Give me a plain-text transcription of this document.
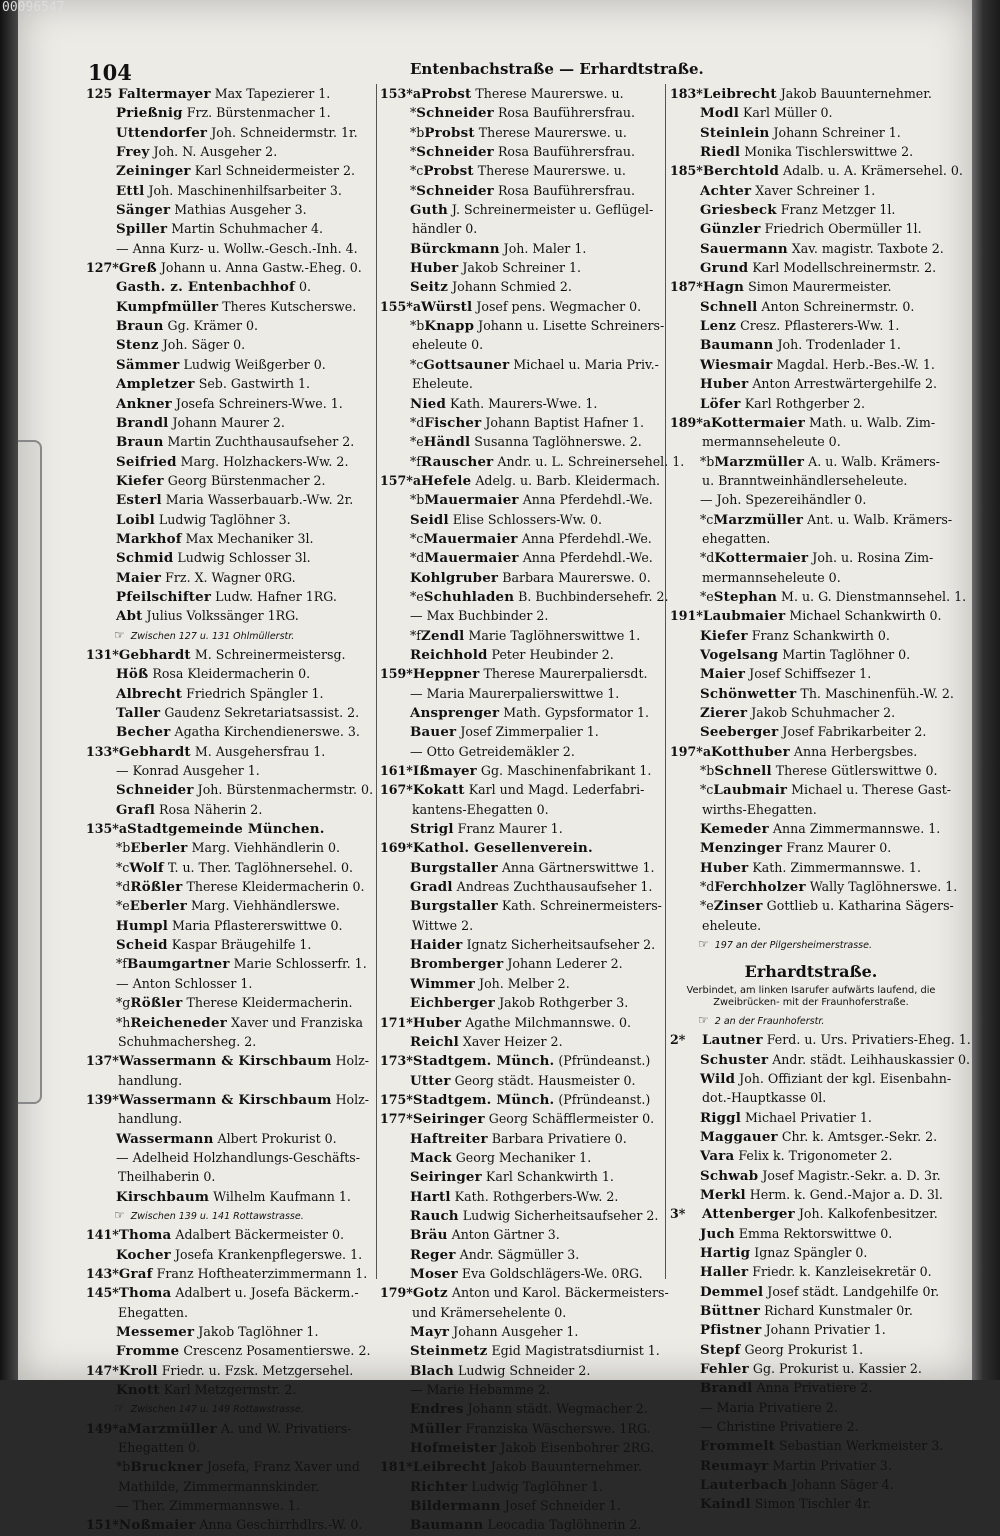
00096547
104	Entenbachstraße — Erhardtstraße.
125 Faltermayer Max Tapezierer 1.
Prießnig Frz. Bürstenmacher 1.
Uttendorfer Joh. Schneidermstr. 1r.
Frey Joh. N. Ausgeher 2.
Zeininger Karl Schneidermeister 2.
Ettl Joh. Maschinenhilfsarbeiter 3.
Sänger Mathias Ausgeher 3.
Spiller Martin Schuhmacher 4.
— Anna Kurz- u. Wollw.-Gesch.-Inh. 4.
127*Greß Johann u. Anna Gastw.-Eheg. 0.
Gasth. z. Entenbachhof 0.
Kumpfmüller Theres Kutscherswe.
Braun Gg. Krämer 0.
Stenz Joh. Säger 0.
Sämmer Ludwig Weißgerber 0.
Ampletzer Seb. Gastwirth 1.
Ankner Josefa Schreiners-Wwe. 1.
Brandl Johann Maurer 2.
Braun Martin Zuchthausaufseher 2.
Seifried Marg. Holzhackers-Ww. 2.
Kiefer Georg Bürstenmacher 2.
Esterl Maria Wasserbauarb.-Ww. 2r.
Loibl Ludwig Taglöhner 3.
Markhof Max Mechaniker 3l.
Schmid Ludwig Schlosser 3l.
Maier Frz. X. Wagner 0RG.
Pfeilschifter Ludw. Hafner 1RG.
Abt Julius Volkssänger 1RG.
☞ Zwischen 127 u. 131 Ohlmüllerstr.
131*Gebhardt M. Schreinermeistersg.
Höß Rosa Kleidermacherin 0.
Albrecht Friedrich Spängler 1.
Taller Gaudenz Sekretariatsassist. 2.
Becher Agatha Kirchendienerswe. 3.
133*Gebhardt M. Ausgehersfrau 1.
— Konrad Ausgeher 1.
Schneider Joh. Bürstenmachermstr. 0.
Grafl Rosa Näherin 2.
135*aStadtgemeinde München.
*bEberler Marg. Viehhändlerin 0.
*cWolf T. u. Ther. Taglöhnersehel. 0.
*dRößler Therese Kleidermacherin 0.
*eEberler Marg. Viehhändlerswe.
Humpl Maria Pflastererswittwe 0.
Scheid Kaspar Bräugehilfe 1.
*fBaumgartner Marie Schlosserfr. 1.
— Anton Schlosser 1.
*gRößler Therese Kleidermacherin.
*hReicheneder Xaver und Franziska
Schuhmachersheg. 2.
137*Wassermann & Kirschbaum Holz-
handlung.
139*Wassermann & Kirschbaum Holz-
handlung.
Wassermann Albert Prokurist 0.
— Adelheid Holzhandlungs-Geschäfts-
Theilhaberin 0.
Kirschbaum Wilhelm Kaufmann 1.
☞ Zwischen 139 u. 141 Rottawstrasse.
141*Thoma Adalbert Bäckermeister 0.
Kocher Josefa Krankenpflegerswe. 1.
143*Graf Franz Hoftheaterzimmermann 1.
145*Thoma Adalbert u. Josefa Bäckerm.-
Ehegatten.
Messemer Jakob Taglöhner 1.
Fromme Crescenz Posamentierswe. 2.
147*Kroll Friedr. u. Fzsk. Metzgersehel.
Knott Karl Metzgermstr. 2.
☞ Zwischen 147 u. 149 Rottawstrasse.
149*aMarzmüller A. und W. Privatiers-
Ehegatten 0.
*bBruckner Josefa, Franz Xaver und
Mathilde, Zimmermannskinder.
— Ther. Zimmermannswe. 1.
151*Noßmaier Anna Geschirrhdlrs.-W. 0.
153*aProbst Therese Maurerswe. u.
*Schneider Rosa Bauführersfrau.
*bProbst Therese Maurerswe. u.
*Schneider Rosa Bauführersfrau.
*cProbst Therese Maurerswe. u.
*Schneider Rosa Bauführersfrau.
Guth J. Schreinermeister u. Geflügel-
händler 0.
Bürckmann Joh. Maler 1.
Huber Jakob Schreiner 1.
Seitz Johann Schmied 2.
155*aWürstl Josef pens. Wegmacher 0.
*bKnapp Johann u. Lisette Schreiners-
eheleute 0.
*cGottsauner Michael u. Maria Priv.-
Eheleute.
Nied Kath. Maurers-Wwe. 1.
*dFischer Johann Baptist Hafner 1.
*eHändl Susanna Taglöhnerswe. 2.
*fRauscher Andr. u. L. Schreinersehel. 1.
157*aHefele Adelg. u. Barb. Kleidermach.
*bMauermaier Anna Pferdehdl.-We.
Seidl Elise Schlossers-Ww. 0.
*cMauermaier Anna Pferdehdl.-We.
*dMauermaier Anna Pferdehdl.-We.
Kohlgruber Barbara Maurerswe. 0.
*eSchuhladen B. Buchbindersehefr. 2.
— Max Buchbinder 2.
*fZendl Marie Taglöhnerswittwe 1.
Reichhold Peter Heubinder 2.
159*Heppner Therese Maurerpaliersdt.
— Maria Maurerpalierswittwe 1.
Ansprenger Math. Gypsformator 1.
Bauer Josef Zimmerpalier 1.
— Otto Getreidemäkler 2.
161*Ißmayer Gg. Maschinenfabrikant 1.
167*Kokatt Karl und Magd. Lederfabri-
kantens-Ehegatten 0.
Strigl Franz Maurer 1.
169*Kathol. Gesellenverein.
Burgstaller Anna Gärtnerswittwe 1.
Gradl Andreas Zuchthausaufseher 1.
Burgstaller Kath. Schreinermeisters-
Wittwe 2.
Haider Ignatz Sicherheitsaufseher 2.
Bromberger Johann Lederer 2.
Wimmer Joh. Melber 2.
Eichberger Jakob Rothgerber 3.
171*Huber Agathe Milchmannswe. 0.
Reichl Xaver Heizer 2.
173*Stadtgem. Münch. (Pfründeanst.)
Utter Georg städt. Hausmeister 0.
175*Stadtgem. Münch. (Pfründeanst.)
177*Seiringer Georg Schäfflermeister 0.
Haftreiter Barbara Privatiere 0.
Mack Georg Mechaniker 1.
Seiringer Karl Schankwirth 1.
Hartl Kath. Rothgerbers-Ww. 2.
Rauch Ludwig Sicherheitsaufseher 2.
Bräu Anton Gärtner 3.
Reger Andr. Sägmüller 3.
Moser Eva Goldschlägers-We. 0RG.
179*Gotz Anton und Karol. Bäckermeisters-
und Krämersehelente 0.
Mayr Johann Ausgeher 1.
Steinmetz Egid Magistratsdiurnist 1.
Blach Ludwig Schneider 2.
— Marie Hebamme 2.
Endres Johann städt. Wegmacher 2.
Müller Franziska Wäscherswe. 1RG.
Hofmeister Jakob Eisenbohrer 2RG.
181*Leibrecht Jakob Bauunternehmer.
Richter Ludwig Taglöhner 1.
Bildermann Josef Schneider 1.
Baumann Leocadia Taglöhnerin 2.
183*Leibrecht Jakob Bauunternehmer.
Modl Karl Müller 0.
Steinlein Johann Schreiner 1.
Riedl Monika Tischlerswittwe 2.
185*Berchtold Adalb. u. A. Krämersehel. 0.
Achter Xaver Schreiner 1.
Griesbeck Franz Metzger 1l.
Günzler Friedrich Obermüller 1l.
Sauermann Xav. magistr. Taxbote 2.
Grund Karl Modellschreinermstr. 2.
187*Hagn Simon Maurermeister.
Schnell Anton Schreinermstr. 0.
Lenz Cresz. Pflasterers-Ww. 1.
Baumann Joh. Trodenlader 1.
Wiesmair Magdal. Herb.-Bes.-W. 1.
Huber Anton Arrestwärtergehilfe 2.
Löfer Karl Rothgerber 2.
189*aKottermaier Math. u. Walb. Zim-
mermannseheleute 0.
*bMarzmüller A. u. Walb. Krämers-
u. Branntweinhändlerseheleute.
— Joh. Spezereihändler 0.
*cMarzmüller Ant. u. Walb. Krämers-
ehegatten.
*dKottermaier Joh. u. Rosina Zim-
mermannseheleute 0.
*eStephan M. u. G. Dienstmannsehel. 1.
191*Laubmaier Michael Schankwirth 0.
Kiefer Franz Schankwirth 0.
Vogelsang Martin Taglöhner 0.
Maier Josef Schiffsezer 1.
Schönwetter Th. Maschinenfüh.-W. 2.
Zierer Jakob Schuhmacher 2.
Seeberger Josef Fabrikarbeiter 2.
197*aKotthuber Anna Herbergsbes.
*bSchnell Therese Gütlerswittwe 0.
*cLaubmair Michael u. Therese Gast-
wirths-Ehegatten.
Kemeder Anna Zimmermannswe. 1.
Menzinger Franz Maurer 0.
Huber Kath. Zimmermannswe. 1.
*dFerchholzer Wally Taglöhnerswe. 1.
*eZinser Gottlieb u. Katharina Sägers-
eheleute.
☞ 197 an der Pilgersheimerstrasse.
Erhardtstraße.
Verbindet, am linken Isarufer aufwärts laufend, die Zweibrücken- mit der Fraunhoferstraße.
☞ 2 an der Fraunhoferstr.
2* Lautner Ferd. u. Urs. Privatiers-Eheg. 1.
Schuster Andr. städt. Leihhauskassier 0.
Wild Joh. Offiziant der kgl. Eisenbahn-
dot.-Hauptkasse 0l.
Riggl Michael Privatier 1.
Maggauer Chr. k. Amtsger.-Sekr. 2.
Vara Felix k. Trigonometer 2.
Schwab Josef Magistr.-Sekr. a. D. 3r.
Merkl Herm. k. Gend.-Major a. D. 3l.
3* Attenberger Joh. Kalkofenbesitzer.
Juch Emma Rektorswittwe 0.
Hartig Ignaz Spängler 0.
Haller Friedr. k. Kanzleisekretär 0.
Demmel Josef städt. Landgehilfe 0r.
Büttner Richard Kunstmaler 0r.
Pfistner Johann Privatier 1.
Stepf Georg Prokurist 1.
Fehler Gg. Prokurist u. Kassier 2.
Brandl Anna Privatiere 2.
— Maria Privatiere 2.
— Christine Privatiere 2.
Frommelt Sebastian Werkmeister 3.
Reumayr Martin Privatier 3.
Lauterbach Johann Säger 4.
Kaindl Simon Tischler 4r.
